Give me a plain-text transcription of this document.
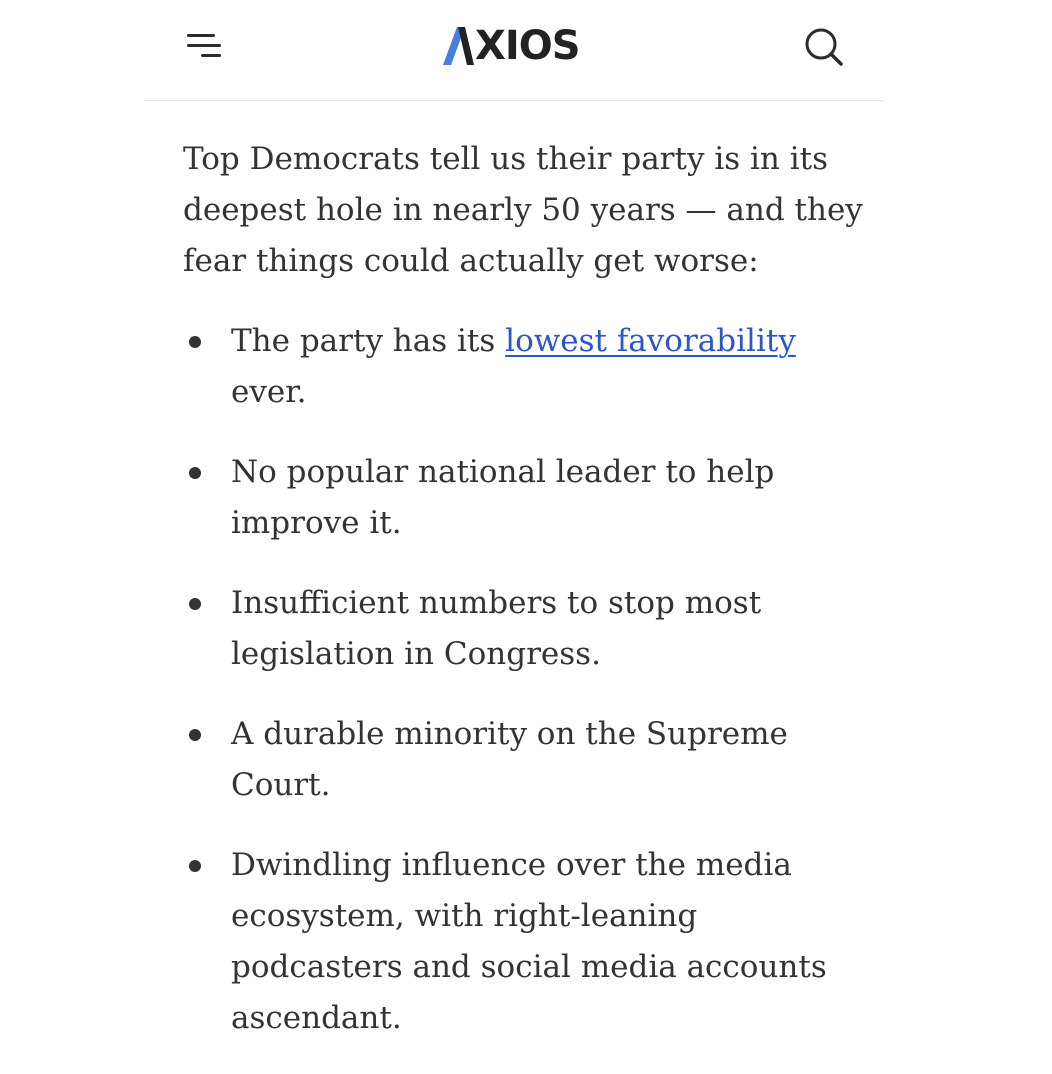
XIOS

Top Democrats tell us their party is in its deepest hole in nearly 50 years — and they fear things could actually get worse:

The party has its lowest favorability ever.
No popular national leader to help improve it.
Insufficient numbers to stop most legislation in Congress.
A durable minority on the Supreme Court.
Dwindling influence over the media ecosystem, with right-leaning podcasters and social media accounts ascendant.
